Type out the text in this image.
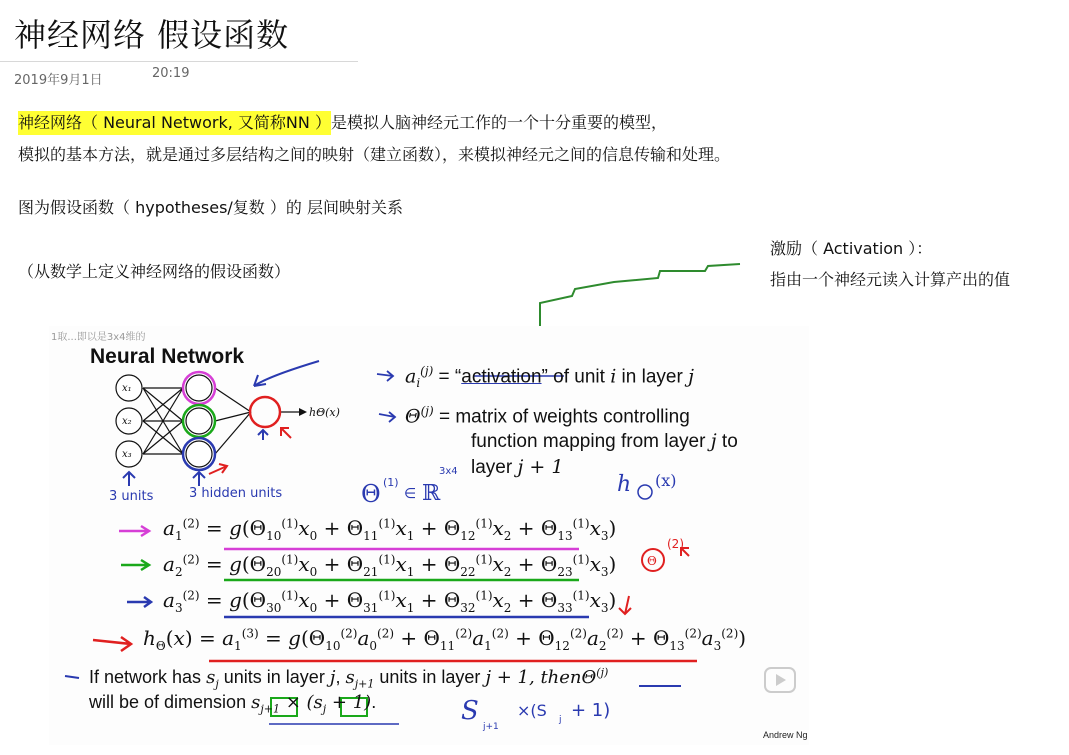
神经网络 假设函数
2019年9月1日	20:19
神经网络（ Neural Network, 又简称NN ）是模拟人脑神经元工作的一个十分重要的模型，
模拟的基本方法，就是通过多层结构之间的映射（建立函数），来模拟神经元之间的信息传输和处理。
图为假设函数（ hypotheses/复数 ）的 层间映射关系
（从数学上定义神经网络的假设函数）
激励（ Activation ）：
指由一个神经元读入计算产出的值
1取...即以是3x4维的
Neural Network
x₁
x₂
x₃
hΘ(x)
Θ
(2)
h (x)
Θ (1)
∈ ℝ
S
j+1
×(S j + 1)
3 units	3 hidden units
3x4
$a_i^{(j)}$ = “activation” of unit i in layer j
$\Theta^{(j)}$ = matrix of weights controlling
function mapping from layer j to
layer j + 1
$a_1^{(2)} = g(\Theta_{10}^{(1)}x_0 + \Theta_{11}^{(1)}x_1 + \Theta_{12}^{(1)}x_2 + \Theta_{13}^{(1)}x_3)$
$a_2^{(2)} = g(\Theta_{20}^{(1)}x_0 + \Theta_{21}^{(1)}x_1 + \Theta_{22}^{(1)}x_2 + \Theta_{23}^{(1)}x_3)$
$a_3^{(2)} = g(\Theta_{30}^{(1)}x_0 + \Theta_{31}^{(1)}x_1 + \Theta_{32}^{(1)}x_2 + \Theta_{33}^{(1)}x_3)$
$h_\Theta(x) = a_1^{(3)} = g(\Theta_{10}^{(2)}a_0^{(2)} + \Theta_{11}^{(2)}a_1^{(2)} + \Theta_{12}^{(2)}a_2^{(2)} + \Theta_{13}^{(2)}a_3^{(2)})$
If network has $s_j$ units in layer j, $s_{j+1}$ units in layer j + 1, thenΘ$^{(j)}$
will be of dimension $s_{j+1} \times (s_j + 1)$.
Andrew Ng
